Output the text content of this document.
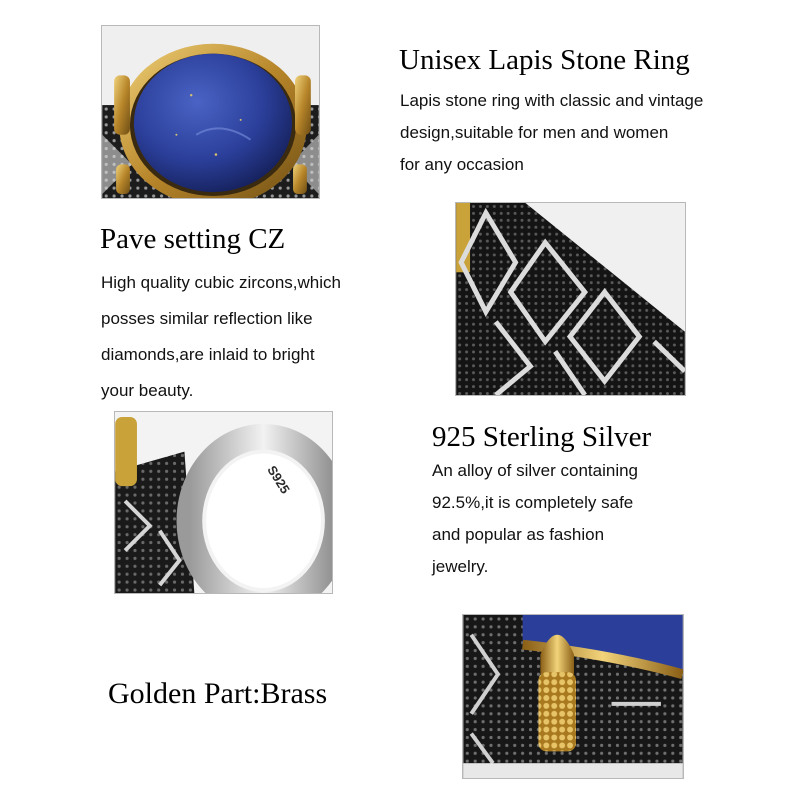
Unisex Lapis Stone Ring
Lapis stone ring with classic and vintage
design,suitable for men and women
for any occasion
Pave setting CZ
High quality cubic zircons,which
posses similar reflection like
diamonds,are inlaid to bright
your beauty.
S925
925 Sterling Silver
An alloy of silver containing
92.5%,it is completely safe
and popular as fashion
jewelry.
Golden Part:Brass
